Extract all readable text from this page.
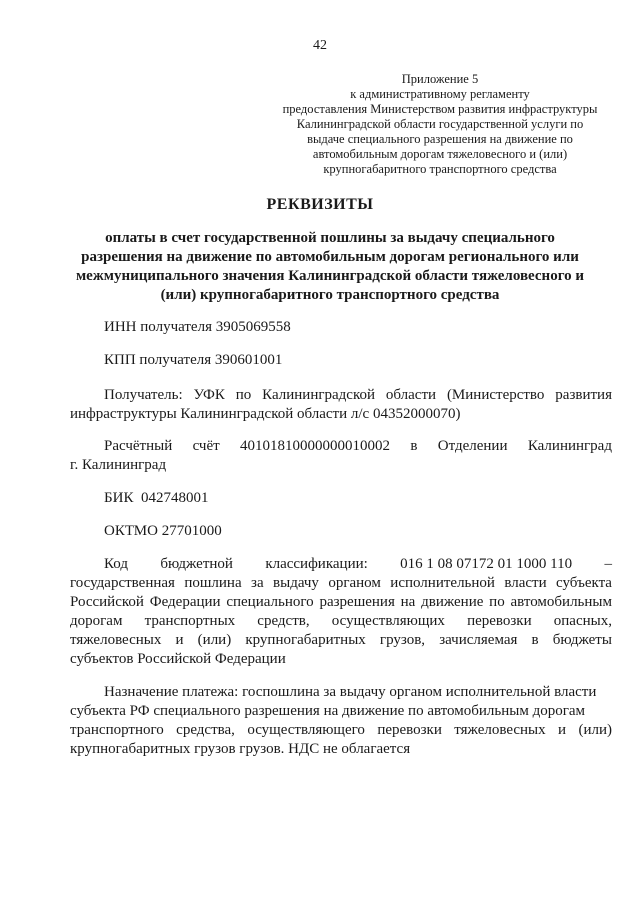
42
Приложение 5
к административному регламенту
предоставления Министерством развития инфраструктуры
Калининградской области государственной услуги по
выдаче специального разрешения на движение по
автомобильным дорогам тяжеловесного и (или)
крупногабаритного транспортного средства
РЕКВИЗИТЫ
оплаты в счет государственной пошлины за выдачу специального
разрешения на движение по автомобильным дорогам регионального или
межмуниципального значения Калининградской области тяжеловесного и
(или) крупногабаритного транспортного средства
ИНН получателя 3905069558
КПП получателя 390601001
Получатель: УФК по Калининградской области (Министерство развития
инфраструктуры Калининградской области л/с 04352000070)
Расчётный счёт 40101810000000010002 в Отделении Калининград
г. Калининград
БИК  042748001
ОКТМО 27701000
Код бюджетной классификации: 016 1 08 07172 01 1000 110 –
государственная пошлина за выдачу органом исполнительной власти субъекта
Российской Федерации специального разрешения на движение по автомобильным
дорогам транспортных средств, осуществляющих перевозки опасных,
тяжеловесных и (или) крупногабаритных грузов, зачисляемая в бюджеты
субъектов Российской Федерации
Назначение платежа: госпошлина за выдачу органом исполнительной власти
субъекта РФ специального разрешения на движение по автомобильным дорогам
транспортного средства, осуществляющего перевозки тяжеловесных и (или)
крупногабаритных грузов грузов. НДС не облагается
